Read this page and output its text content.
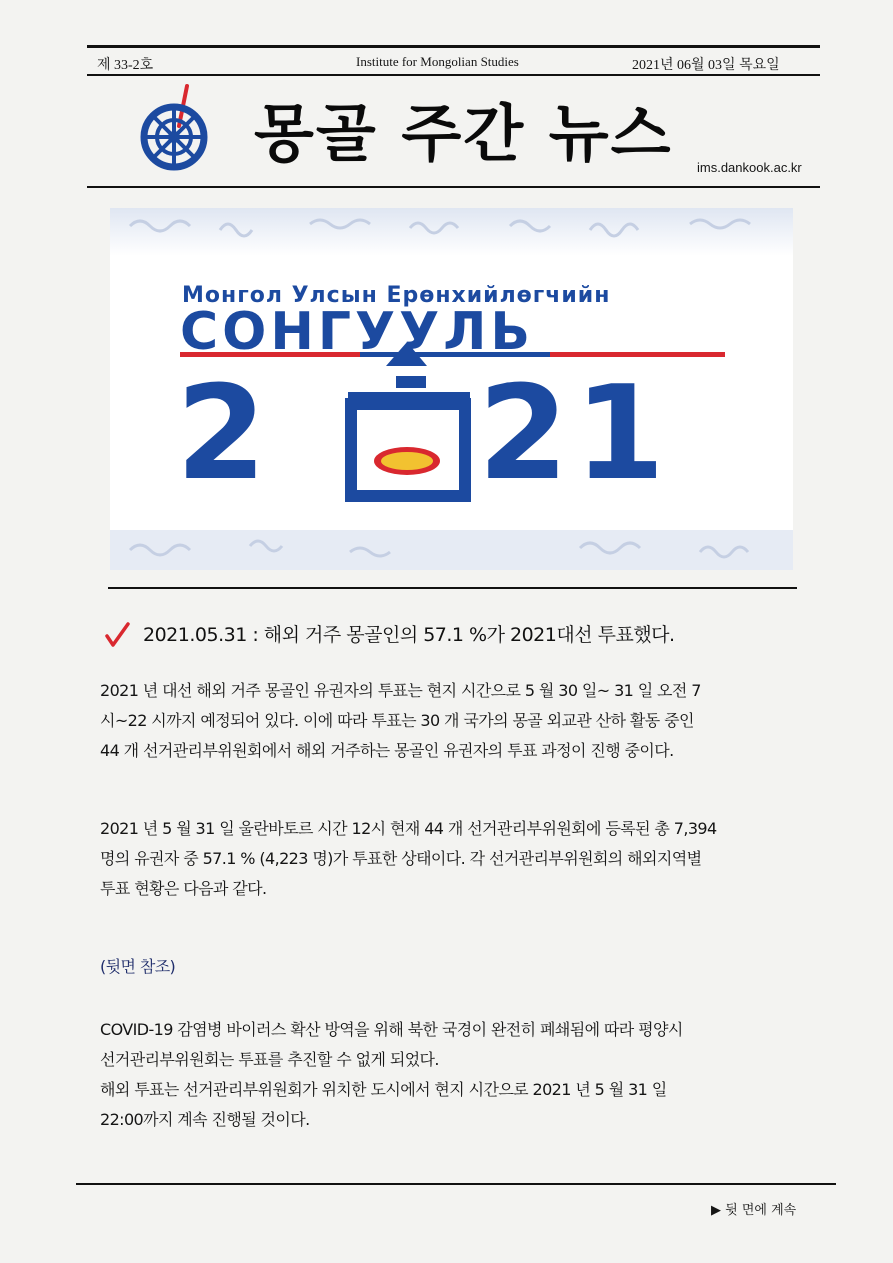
제 33-2호	Institute for Mongolian Studies	2021년 06월 03일 목요일
몽골 주간 뉴스 ims.dankook.ac.kr
Монгол Улсын Ерөнхийлөгчийн
СОНГУУЛЬ
2 21
2021.05.31 : 해외 거주 몽골인의 57.1 %가 2021대선 투표했다.
2021 년 대선 해외 거주 몽골인 유권자의 투표는 현지 시간으로 5 월 30 일~ 31 일 오전 7
시~22 시까지 예정되어 있다. 이에 따라 투표는 30 개 국가의 몽골 외교관 산하 활동 중인
44 개 선거관리부위원회에서 해외 거주하는 몽골인 유권자의 투표 과정이 진행 중이다.
2021 년 5 월 31 일 울란바토르 시간 12시 현재 44 개 선거관리부위원회에 등록된 총 7,394
명의 유권자 중 57.1 % (4,223 명)가 투표한 상태이다. 각 선거관리부위원회의 해외지역별
투표 현황은 다음과 같다.
(뒷면 참조)
COVID-19 감염병 바이러스 확산 방역을 위해 북한 국경이 완전히 폐쇄됨에 따라 평양시
선거관리부위원회는 투표를 추진할 수 없게 되었다.
해외 투표는 선거관리부위원회가 위치한 도시에서 현지 시간으로 2021 년 5 월 31 일
22:00까지 계속 진행될 것이다.
▶ 뒷 면에 계속
